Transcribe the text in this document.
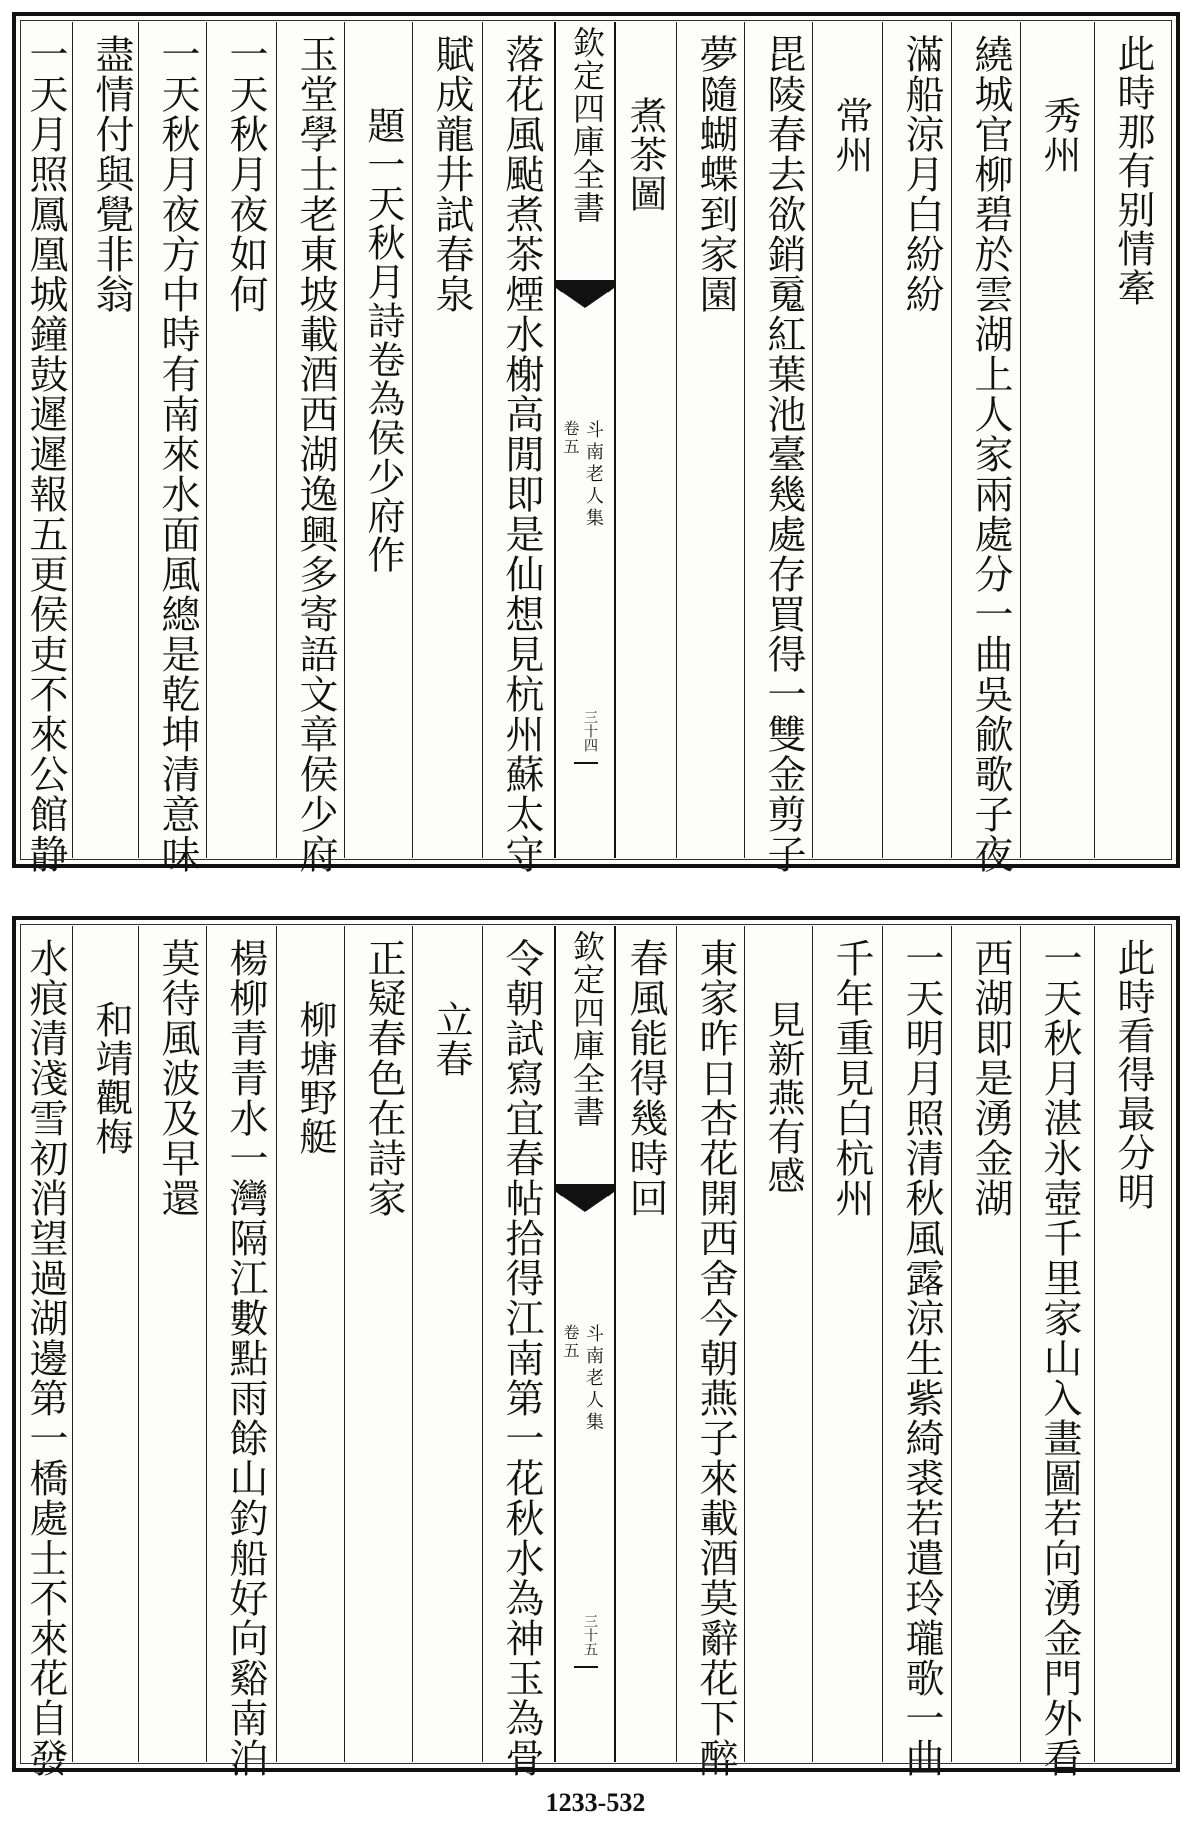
此時那有别情牽
秀州
繞城官柳碧於雲湖上人家兩處分一曲吳歈歌子夜
滿船涼月白紛紛
常州
毘陵春去欲銷䰟紅葉池臺幾處存買得一雙金剪子
夢隨蝴蝶到家園
煮茶圖
欽定四庫全書
斗南老人集
卷五
三十四
落花風颭煮茶煙水榭高閒即是仙想見杭州蘇太守
賦成龍井試春泉
題一天秋月詩卷為侯少府作
玉堂學士老東坡載酒西湖逸興多寄語文章侯少府
一天秋月夜如何
一天秋月夜方中時有南來水面風總是乾坤清意味
盡情付與覺非翁
一天月照鳳凰城鐘鼓遲遲報五更侯吏不來公館静
此時看得最分明
一天秋月湛氷壺千里家山入畫圖若向湧金門外看
西湖即是湧金湖
一天明月照清秋風露涼生紫綺裘若遣玲瓏歌一曲
千年重見白杭州
見新燕有感
東家昨日杏花開西舍今朝燕子來載酒莫辭花下醉
春風能得幾時回
欽定四庫全書
斗南老人集
卷五
三十五
令朝試寫宜春帖拾得江南第一花秋水為神玉為骨
立春
正疑春色在詩家
柳塘野艇
楊柳青青水一灣隔江數點雨餘山釣船好向谿南泊
莫待風波及早還
和靖觀梅
水痕清淺雪初消望過湖邊第一橋處士不來花自發
1233-532
